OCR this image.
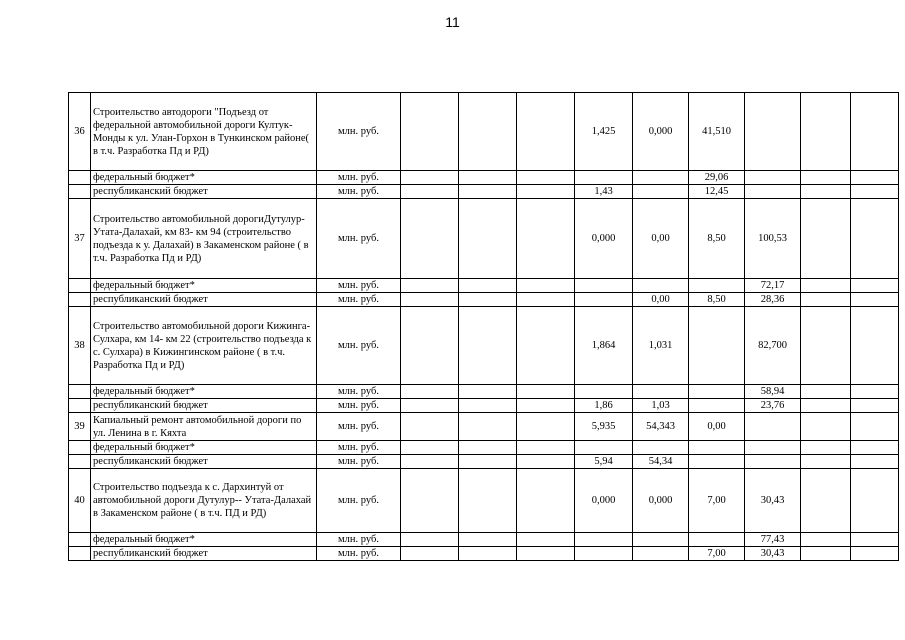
11
36	Строительство автодороги "Подъезд от федеральной автомобильной дороги Култук-Монды к ул. Улан-Горхон в Тункинском районе( в т.ч. Разработка Пд и РД)	млн. руб.				1,425	0,000	41,510			
	федеральный бюджет*	млн. руб.						29,06			
	республиканский бюджет	млн. руб.				1,43		12,45			
37	Строительство автомобильной дорогиДутулур-Утата-Далахай, км 83- км 94 (строительство подъезда к у. Далахай) в Закаменском районе ( в т.ч. Разработка Пд и РД)	млн. руб.				0,000	0,00	8,50	100,53		
	федеральный бюджет*	млн. руб.							72,17		
	республиканский бюджет	млн. руб.					0,00	8,50	28,36		
38	Строительство автомобильной дороги Кижинга-Сулхара, км 14- км 22 (строительство подъезда к с. Сулхара) в Кижингинском районе ( в т.ч. Разработка Пд и РД)	млн. руб.				1,864	1,031		82,700		
	федеральный бюджет*	млн. руб.							58,94		
	республиканский бюджет	млн. руб.				1,86	1,03		23,76		
39	Капиальный ремонт автомобильной дороги по ул. Ленина в г. Кяхта	млн. руб.				5,935	54,343	0,00			
	федеральный бюджет*	млн. руб.									
	республиканский бюджет	млн. руб.				5,94	54,34				
40	Строительство подъезда к с. Дархинтуй от автомобильной дороги Дутулур-- Утата-Далахай в Закаменском районе ( в т.ч. ПД и РД)	млн. руб.				0,000	0,000	7,00	30,43		
	федеральный бюджет*	млн. руб.							77,43		
	республиканский бюджет	млн. руб.						7,00	30,43		
